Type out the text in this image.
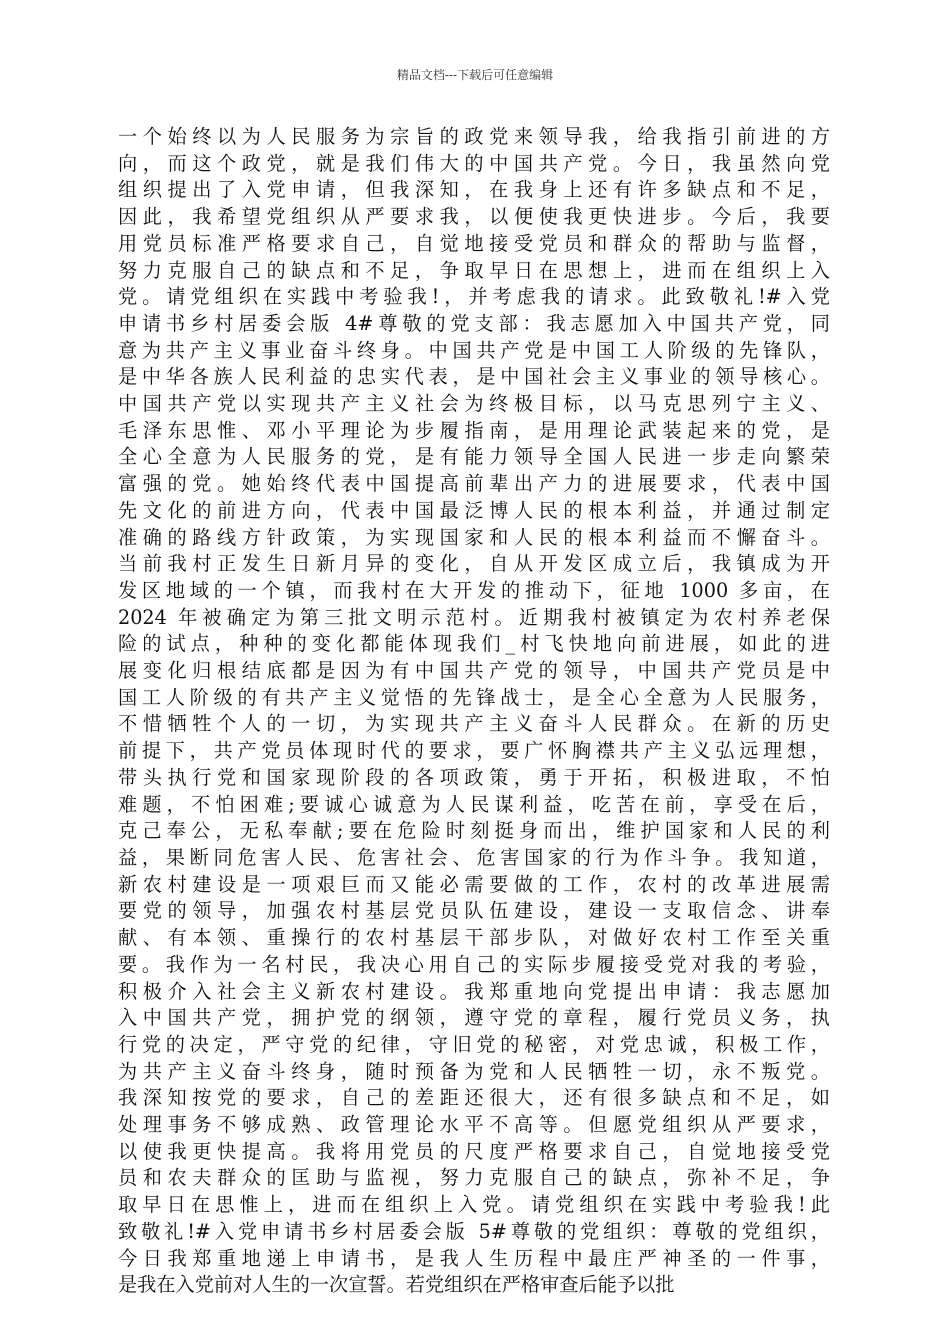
精品文档---下载后可任意编辑
一个始终以为人民服务为宗旨的政党来领导我，给我指引前进的方
向，而这个政党，就是我们伟大的中国共产党。今日，我虽然向党
组织提出了入党申请，但我深知，在我身上还有许多缺点和不足，
因此，我希望党组织从严要求我，以便使我更快进步。今后，我要
用党员标准严格要求自己，自觉地接受党员和群众的帮助与监督，
努力克服自己的缺点和不足，争取早日在思想上，进而在组织上入
党。请党组织在实践中考验我!，并考虑我的请求。此致敬礼!#入党
申请书乡村居委会版 4#尊敬的党支部：我志愿加入中国共产党，同
意为共产主义事业奋斗终身。中国共产党是中国工人阶级的先锋队，
是中华各族人民利益的忠实代表，是中国社会主义事业的领导核心。
中国共产党以实现共产主义社会为终极目标，以马克思列宁主义、
毛泽东思惟、邓小平理论为步履指南，是用理论武装起来的党，是
全心全意为人民服务的党，是有能力领导全国人民进一步走向繁荣
富强的党。她始终代表中国提高前辈出产力的进展要求，代表中国
先文化的前进方向，代表中国最泛博人民的根本利益，并通过制定
准确的路线方针政策，为实现国家和人民的根本利益而不懈奋斗。
当前我村正发生日新月异的变化，自从开发区成立后，我镇成为开
发区地域的一个镇，而我村在大开发的推动下，征地 1000 多亩，在
2024 年被确定为第三批文明示范村。近期我村被镇定为农村养老保
险的试点，种种的变化都能体现我们_村飞快地向前进展，如此的进
展变化归根结底都是因为有中国共产党的领导，中国共产党员是中
国工人阶级的有共产主义觉悟的先锋战士，是全心全意为人民服务，
不惜牺牲个人的一切，为实现共产主义奋斗人民群众。在新的历史
前提下，共产党员体现时代的要求，要广怀胸襟共产主义弘远理想，
带头执行党和国家现阶段的各项政策，勇于开拓，积极进取，不怕
难题，不怕困难;要诚心诚意为人民谋利益，吃苦在前，享受在后，
克己奉公，无私奉献;要在危险时刻挺身而出，维护国家和人民的利
益，果断同危害人民、危害社会、危害国家的行为作斗争。我知道，
新农村建设是一项艰巨而又能必需要做的工作，农村的改革进展需
要党的领导，加强农村基层党员队伍建设，建设一支取信念、讲奉
献、有本领、重操行的农村基层干部步队，对做好农村工作至关重
要。我作为一名村民，我决心用自己的实际步履接受党对我的考验，
积极介入社会主义新农村建设。我郑重地向党提出申请：我志愿加
入中国共产党，拥护党的纲领，遵守党的章程，履行党员义务，执
行党的决定，严守党的纪律，守旧党的秘密，对党忠诚，积极工作，
为共产主义奋斗终身，随时预备为党和人民牺牲一切，永不叛党。
我深知按党的要求，自己的差距还很大，还有很多缺点和不足，如
处理事务不够成熟、政管理论水平不高等。但愿党组织从严要求，
以使我更快提高。我将用党员的尺度严格要求自己，自觉地接受党
员和农夫群众的匡助与监视，努力克服自己的缺点，弥补不足，争
取早日在思惟上，进而在组织上入党。请党组织在实践中考验我!此
致敬礼!#入党申请书乡村居委会版 5#尊敬的党组织：尊敬的党组织，
今日我郑重地递上申请书，是我人生历程中最庄严神圣的一件事，
是我在入党前对人生的一次宣誓。若党组织在严格审查后能予以批
